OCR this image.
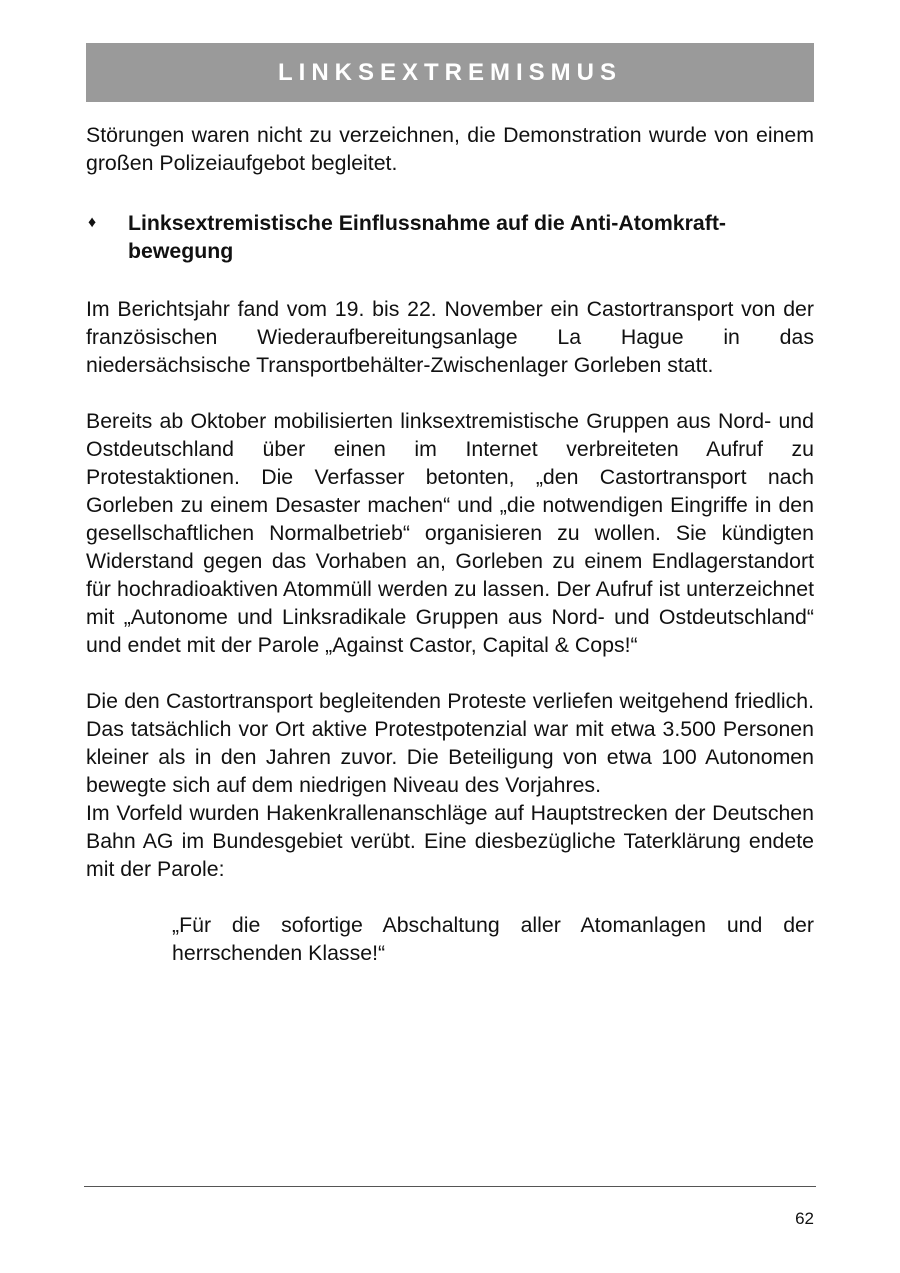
LINKSEXTREMISMUS

Störungen waren nicht zu verzeichnen, die Demonstration wurde von einem großen Polizeiaufgebot begleitet.

♦	Linksextremistische Einflussnahme auf die Anti-Atomkraft-bewegung

Im Berichtsjahr fand vom 19. bis 22. November ein Castortransport von der französischen Wiederaufbereitungsanlage La Hague in das niedersächsische Transportbehälter-Zwischenlager Gorleben statt.

Bereits ab Oktober mobilisierten linksextremistische Gruppen aus Nord- und Ostdeutschland über einen im Internet verbreiteten Aufruf zu Protestaktionen. Die Verfasser betonten, „den Castortransport nach Gorleben zu einem Desaster machen“ und „die notwendigen Eingriffe in den gesellschaftlichen Normalbetrieb“ organisieren zu wollen. Sie kündigten Widerstand gegen das Vorhaben an, Gorleben zu einem Endlagerstandort für hochradioaktiven Atommüll werden zu lassen. Der Aufruf ist unterzeichnet mit „Autonome und Linksradikale Gruppen aus Nord- und Ostdeutschland“ und endet mit der Parole „Against Castor, Capital & Cops!“

Die den Castortransport begleitenden Proteste verliefen weitgehend friedlich. Das tatsächlich vor Ort aktive Protestpotenzial war mit etwa 3.500 Personen kleiner als in den Jahren zuvor. Die Beteiligung von etwa 100 Autonomen bewegte sich auf dem niedrigen Niveau des Vorjahres.

Im Vorfeld wurden Hakenkrallenanschläge auf Hauptstrecken der Deutschen Bahn AG im Bundesgebiet verübt. Eine diesbezügliche Taterklärung endete mit der Parole:

„Für die sofortige Abschaltung aller Atomanlagen und der herrschenden Klasse!“

62
